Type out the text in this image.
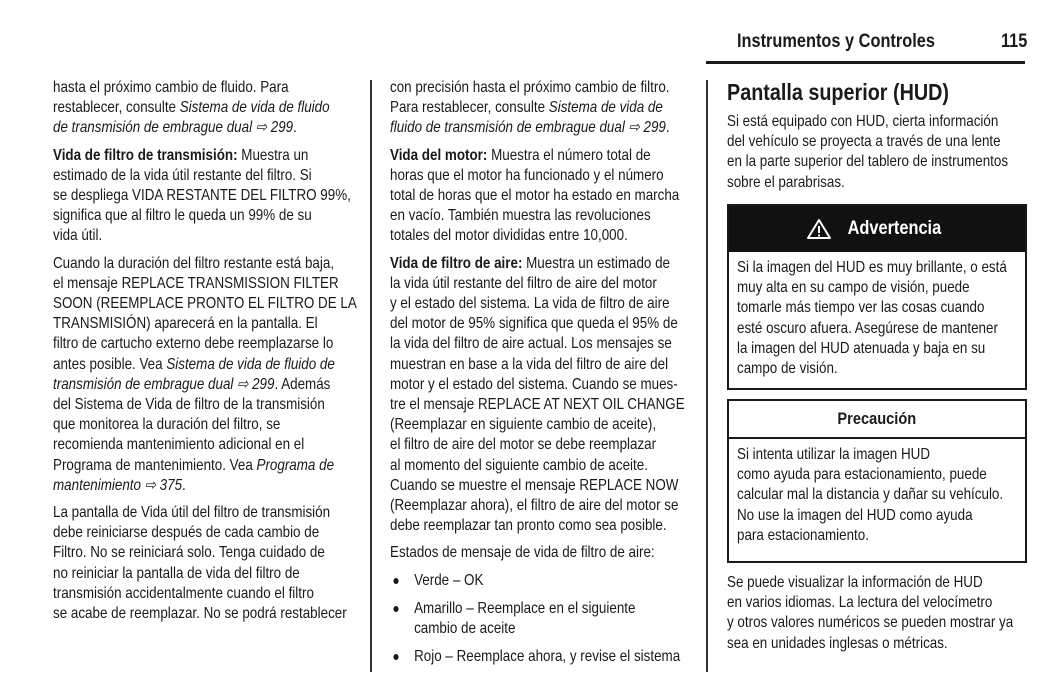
Instrumentos y Controles	115
hasta el próximo cambio de fluido. Para
restablecer, consulte Sistema de vida de fluido
de transmisión de embrague dual ⇨ 299.
Vida de filtro de transmisión: Muestra un
estimado de la vida útil restante del filtro. Si
se despliega VIDA RESTANTE DEL FILTRO 99%,
significa que al filtro le queda un 99% de su
vida útil.
Cuando la duración del filtro restante está baja,
el mensaje REPLACE TRANSMISSION FILTER
SOON (REEMPLACE PRONTO EL FILTRO DE LA
TRANSMISIÓN) aparecerá en la pantalla. El
filtro de cartucho externo debe reemplazarse lo
antes posible. Vea Sistema de vida de fluido de
transmisión de embrague dual ⇨ 299. Además
del Sistema de Vida de filtro de la transmisión
que monitorea la duración del filtro, se
recomienda mantenimiento adicional en el
Programa de mantenimiento. Vea Programa de
mantenimiento ⇨ 375.
La pantalla de Vida útil del filtro de transmisión
debe reiniciarse después de cada cambio de
Filtro. No se reiniciará solo. Tenga cuidado de
no reiniciar la pantalla de vida del filtro de
transmisión accidentalmente cuando el filtro
se acabe de reemplazar. No se podrá restablecer
con precisión hasta el próximo cambio de filtro.
Para restablecer, consulte Sistema de vida de
fluido de transmisión de embrague dual ⇨ 299.
Vida del motor: Muestra el número total de
horas que el motor ha funcionado y el número
total de horas que el motor ha estado en marcha
en vacío. También muestra las revoluciones
totales del motor divididas entre 10,000.
Vida de filtro de aire: Muestra un estimado de
la vida útil restante del filtro de aire del motor
y el estado del sistema. La vida de filtro de aire
del motor de 95% significa que queda el 95% de
la vida del filtro de aire actual. Los mensajes se
muestran en base a la vida del filtro de aire del
motor y el estado del sistema. Cuando se mues-
tre el mensaje REPLACE AT NEXT OIL CHANGE
(Reemplazar en siguiente cambio de aceite),
el filtro de aire del motor se debe reemplazar
al momento del siguiente cambio de aceite.
Cuando se muestre el mensaje REPLACE NOW
(Reemplazar ahora), el filtro de aire del motor se
debe reemplazar tan pronto como sea posible.
Estados de mensaje de vida de filtro de aire:
Verde – OK
Amarillo – Reemplace en el siguiente
cambio de aceite
Rojo – Reemplace ahora, y revise el sistema
Pantalla superior (HUD)
Si está equipado con HUD, cierta información
del vehículo se proyecta a través de una lente
en la parte superior del tablero de instrumentos
sobre el parabrisas.
Advertencia
Si la imagen del HUD es muy brillante, o está
muy alta en su campo de visión, puede
tomarle más tiempo ver las cosas cuando
esté oscuro afuera. Asegúrese de mantener
la imagen del HUD atenuada y baja en su
campo de visión.
Precaución
Si intenta utilizar la imagen HUD
como ayuda para estacionamiento, puede
calcular mal la distancia y dañar su vehículo.
No use la imagen del HUD como ayuda
para estacionamiento.
Se puede visualizar la información de HUD
en varios idiomas. La lectura del velocímetro
y otros valores numéricos se pueden mostrar ya
sea en unidades inglesas o métricas.
